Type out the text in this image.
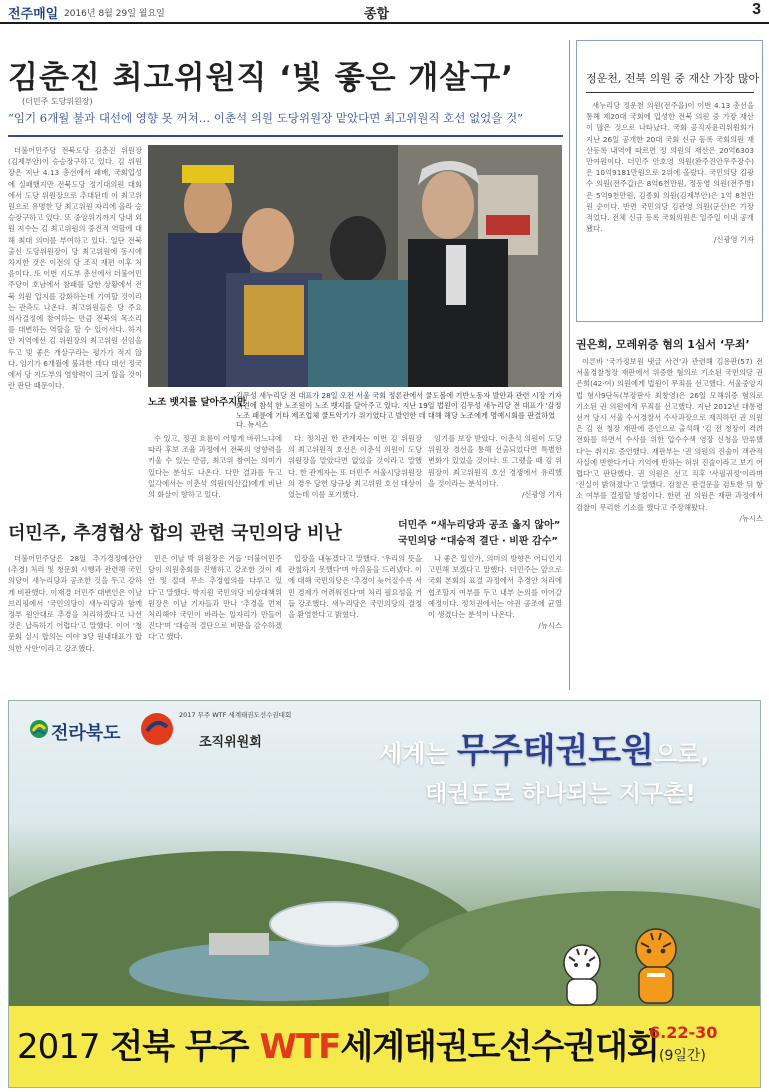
전주매일 2016년 8월 29일 월요일	종합	3
김춘진 최고위원직 ‘빛 좋은 개살구’
(더민주 도당위원장)
“임기 6개월 불과 대선에 영향 못 꺼쳐… 이춘석 의원 도당위원장 맡았다면 최고위원직 호선 없었을 것”

더불어민주당 전북도당 김춘진 위원장(김제부안)이 승승장구하고 있다. 김 위원장은 지난 4.13 총선에서 패배, 국회입성에 실패했지만 전북도당 정기대의원 대회에서 도당 위원장으로 추대된데 이 최고위원으로 유명한 당 최고위원 자리에 올라 승승장구하고 있다. 또 중앙위기까지 당내 외원 지수는 김 최고위원의 중진적 역할에 대해 최대 의미를 부여하고 있다. 일단 전북출신 도당위원장이 당 최고위원에 동시에 차지한 것은 이전의 당 조직 재편 이후 처음이다. 또 이번 지도부 총선에서 더불어민주당이 호남에서 참패를 당한 상황에서 전북 의원 입지를 강화하는데 기여할 것이라는 관측도 나온다. 최고위원들은 당 주요 의사결정에 참여하는 만큼 전북의 목소리를 대변하는 역할을 할 수 있어서다. 하지만 지역에선 김 위원장의 최고위원 선임을 두고 빛 좋은 개살구라는 평가가 적지 않다. 임기가 6개월에 불과한 데다 대선 정국에서 당 지도부의 영향력이 크지 않을 것이란 판단 때문이다.

노조 뱃지를 달아주지만
김무성 새누리당 전 대표가 28일 오전 서울 국회 정론관에서 쿨도볼에 기반노동자 발안과 관련 시장 기자회견에 참석 한 노조원이 노조 뱃지를 달아주고 있다. 지난 19일 법원이 김무성 새누리당 전 대표가 '감정 노조 패륜에 기타 제조업체 쿨트악기가 위기였다고 발언한 데 대해 해당 노조에게 명예시회를 판결하였다. 뉴시스

수 있고, 정권 흐름이 어떻게 바뀌느냐에 따라 후보 조율 과정에서 전북의 영향력을 키울 수 있는 만큼, 최고위 참여는 의미가 있다는 분석도 나온다. 다만 결과를 두고 일각에서는 이춘석 의원(익산갑)에게 비난의 화살이 향하고 있다.

다. 정치권 한 관계자는 이번 김 위원장의 최고위원직 호선은 이춘석 의원이 도당위원장을 맡았다면 없었을 것이라고 말했다. 한 관계자는 또 더민주 서울시당위원장의 경우 당헌 당규상 최고위원 호선 대상이었는데 이를 포기했다.

임기를 보장 받았다. 이춘석 의원이 도당위원장 경선을 통해 선출되었다면 특별한 변화가 있었을 것이다. 또 그랬을 때 김 위원장이 최고위원직 호선 경쟁에서 유리했을 것이라는 분석이다.

/신광영 기자

정운천, 전북 의원 중 재산 가장 많아

새누리당 정운천 의원(전주을)이 이번 4.13 총선을 통해 제20대 국회에 입성한 전북 의원 중 가장 재산이 많은 것으로 나타났다. 국회 공직자윤리위원회가 지난 26일 공개한 20대 국회 신규 등록 국회의원 재산등록 내역에 따르면 정 의원의 재산은 20억6303만여원이다. 더민주 안호영 의원(완주진안무주장수)은 10억9181만원으로 2위에 올랐다. 국민의당 김광수 의원(전주갑)은 8억6천만원, 정동영 의원(전주병)은 5억9천만원, 김종회 의원(김제부안)은 1억 8천만원 순이다. 반면 국민의당 김관영 의원(군산)은 가장 적었다. 전체 신규 등록 국회의원은 일주일 이내 공개됐다.

/신광영 기자

권은희, 모레위증 혐의 1심서 ‘무죄’

이른바 '국가정보원 댓글 사건'과 관련해 김용판(57) 전 서울경찰청장 재판에서 위증한 혐의로 기소된 국민의당 권은희(42·여) 의원에게 법원이 무죄를 선고했다. 서울중앙지법 형사9단독(부장판사 최창영)은 26일 모해위증 혐의로 기소된 권 의원에게 무죄를 선고했다. 지난 2012년 대통령 선거 당시 서울 수서경찰서 수사과장으로 재직하던 권 의원은 김 전 청장 재판에 증인으로 출석해 '김 전 청장이 격려전화를 하면서 수사를 위한 압수수색 영장 신청을 만류했다'는 취지로 증언했다. 재판부는 '권 의원의 진술이 객관적 사실에 반한다거나 기억에 반하는 허위 진술이라고 보기 어렵다'고 판단했다. 권 의원은 선고 직후 '사필귀정'이라며 '진실이 밝혀졌다'고 말했다. 검찰은 판결문을 검토한 뒤 항소 여부를 결정할 방침이다. 한편 권 의원은 재판 과정에서 검찰이 무리한 기소를 했다고 주장해왔다.

/뉴시스

더민주, 추경협상 합의 관련 국민의당 비난	더민주 “새누리당과 공조 옳지 않아”
국민의당 “대승적 결단 · 비판 감수”

더불어민주당은 28일 추가경정예산안(추경) 처리 및 청문회 시행과 관련해 국민의당이 새누리당과 공조한 것을 두고 강하게 비판했다. 이재경 더민주 대변인은 이날 브리핑에서 '국민의당이 새누리당과 함께 정부 원안대로 추경을 처리하겠다고 나선 것은 납득하기 어렵다'고 말했다. 이어 '청문회 실시 합의는 여야 3당 원내대표가 합의한 사안'이라고 강조했다.

민은 이날 박 위원장은 거듭 '더불어민주당이 의원총회를 진행하고 강조한 것이 제안 및 절대 무소 추경협의를 다루고 있다'고 말했다. 박지원 국민의당 비상대책위원장은 이날 기자들과 만나 '추경을 먼저 처리해야 국민이 바라는 일자리가 만들어진다'며 '대승적 결단으로 비판을 감수하겠다'고 했다.

입장을 내놓겠다고 말했다. '우리의 뜻을 관철하지 못했다'며 아쉬움을 드러냈다. 이에 대해 국민의당은 '추경이 늦어질수록 서민 경제가 어려워진다'며 처리 필요성을 거듭 강조했다. 새누리당은 국민의당의 결정을 환영한다고 밝혔다.

나 좋은 일인가, 의미의 방향은 어디인지 고민해 보겠다고 말했다. 더민주는 앞으로 국회 본회의 표결 과정에서 추경안 처리에 협조할지 여부를 두고 내부 논의를 이어갈 예정이다. 정치권에서는 야권 공조에 균열이 생겼다는 분석이 나온다.

/뉴시스

전라북도
2017 무주 WTF 세계태권도선수권대회
조직위원회	세계는 무주태권도원으로,
태권도로 하나되는 지구촌!
2017 전북 무주 WTF세계태권도선수권대회
6.22-30
(9일간)
